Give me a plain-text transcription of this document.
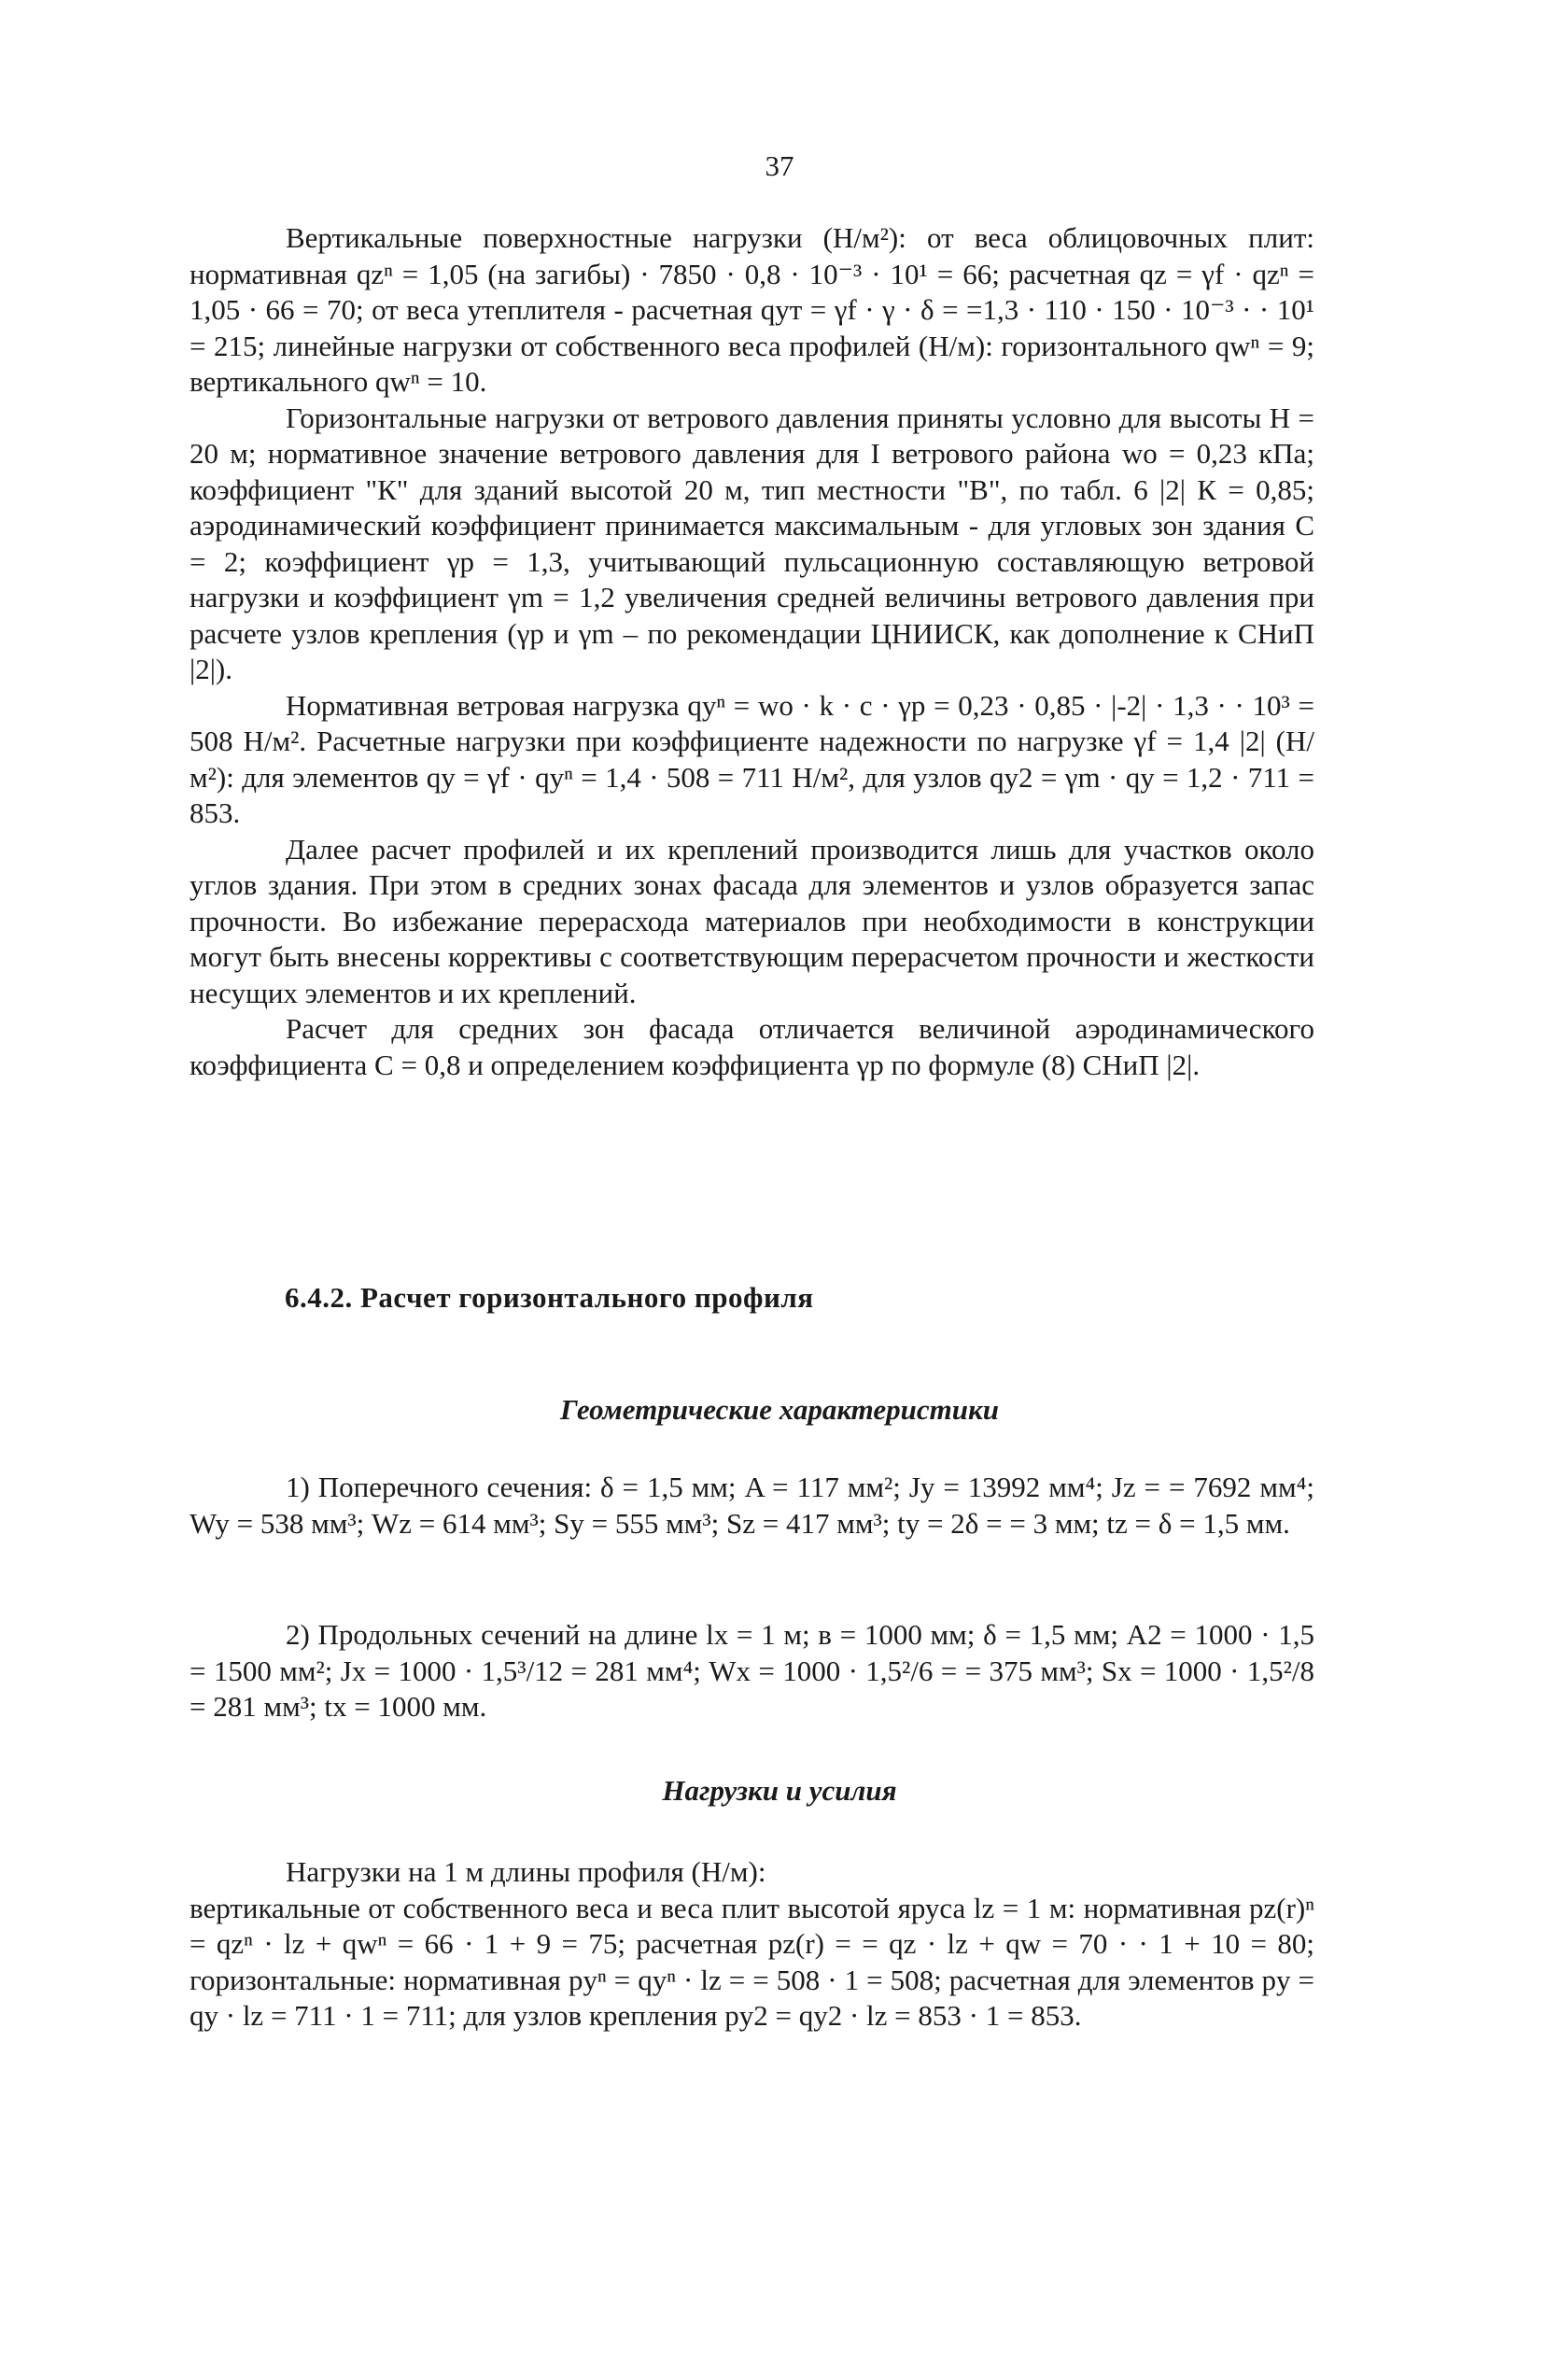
37

Вертикальные поверхностные нагрузки (Н/м²): от веса облицовочных плит: нормативная qzⁿ = 1,05 (на загибы) · 7850 · 0,8 · 10⁻³ · 10¹ = 66; расчетная qz = γf · qzⁿ = 1,05 · 66 = 70; от веса утеплителя - расчетная qут = γf · γ · δ = =1,3 · 110 · 150 · 10⁻³ · · 10¹ = 215; линейные нагрузки от собственного веса профилей (Н/м): горизонтального qwⁿ = 9; вертикального qwⁿ = 10.

Горизонтальные нагрузки от ветрового давления приняты условно для высоты H = 20 м; нормативное значение ветрового давления для I ветрового района wo = 0,23 кПа; коэффициент "К" для зданий высотой 20 м, тип местности "В", по табл. 6 |2| К = 0,85; аэродинамический коэффициент принимается максимальным - для угловых зон здания С = 2; коэффициент γp = 1,3, учитывающий пульсационную составляющую ветровой нагрузки и коэффициент γm = 1,2 увеличения средней величины ветрового давления при расчете узлов крепления (γp и γm – по рекомендации ЦНИИСК, как дополнение к СНиП |2|).

Нормативная ветровая нагрузка qyⁿ = wo · k · c · γp = 0,23 · 0,85 · |-2| · 1,3 · · 10³ = 508 Н/м². Расчетные нагрузки при коэффициенте надежности по нагрузке γf = 1,4 |2| (Н/м²): для элементов qy = γf · qyⁿ = 1,4 · 508 = 711 Н/м², для узлов qy2 = γm · qy = 1,2 · 711 = 853.

Далее расчет профилей и их креплений производится лишь для участков около углов здания. При этом в средних зонах фасада для элементов и узлов образуется запас прочности. Во избежание перерасхода материалов при необходимости в конструкции могут быть внесены коррективы с соответствующим перерасчетом прочности и жесткости несущих элементов и их креплений.

Расчет для средних зон фасада отличается величиной аэродинамического коэффициента С = 0,8 и определением коэффициента γp по формуле (8) СНиП |2|.

6.4.2. Расчет горизонтального профиля
Геометрические характеристики

1) Поперечного сечения: δ = 1,5 мм; A = 117 мм²; Jy = 13992 мм⁴; Jz = = 7692 мм⁴; Wy = 538 мм³; Wz = 614 мм³; Sy = 555 мм³; Sz = 417 мм³; ty = 2δ = = 3 мм; tz = δ = 1,5 мм.

2) Продольных сечений на длине lx = 1 м; в = 1000 мм; δ = 1,5 мм; A2 = 1000 · 1,5 = 1500 мм²; Jx = 1000 · 1,5³/12 = 281 мм⁴; Wx = 1000 · 1,5²/6 = = 375 мм³; Sx = 1000 · 1,5²/8 = 281 мм³; tx = 1000 мм.

Нагрузки и усилия

Нагрузки на 1 м длины профиля (Н/м):

вертикальные от собственного веса и веса плит высотой яруса lz = 1 м: нормативная pz(r)ⁿ = qzⁿ · lz + qwⁿ = 66 · 1 + 9 = 75; расчетная pz(r) = = qz · lz + qw = 70 · · 1 + 10 = 80; горизонтальные: нормативная pyⁿ = qyⁿ · lz = = 508 · 1 = 508; расчетная для элементов py = qy · lz = 711 · 1 = 711; для узлов крепления py2 = qy2 · lz = 853 · 1 = 853.
